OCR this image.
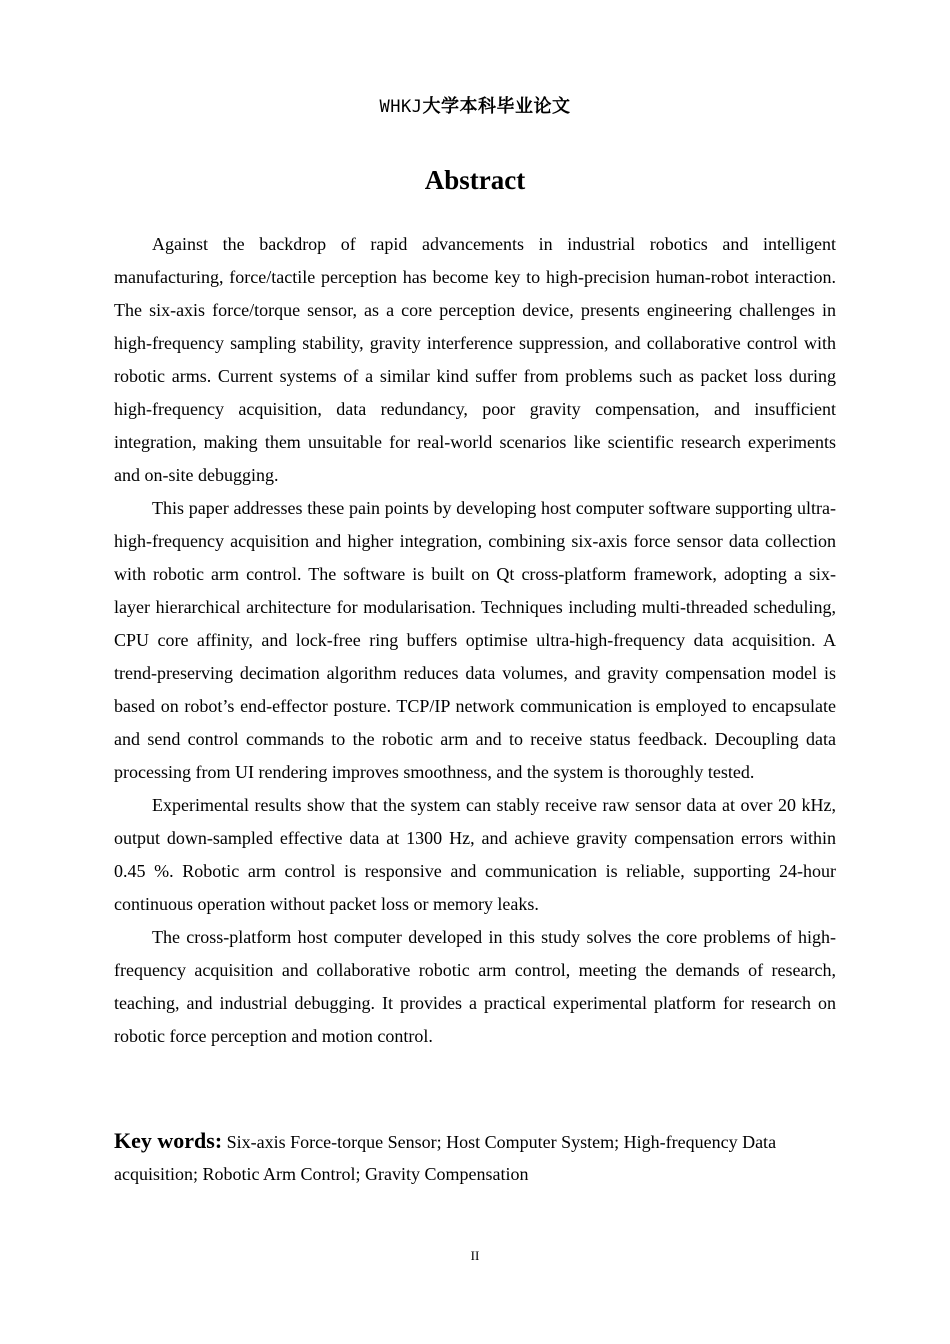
WHKJ大学本科毕业论文
Abstract

Against the backdrop of rapid advancements in industrial robotics and intelligent manufacturing, force/tactile perception has become key to high-precision human-robot interaction. The six-axis force/torque sensor, as a core perception device, presents engineering challenges in high-frequency sampling stability, gravity interference suppression, and collaborative control with robotic arms. Current systems of a similar kind suffer from problems such as packet loss during high-frequency acquisition, data redundancy, poor gravity compensation, and insufficient integration, making them unsuitable for real-world scenarios like scientific research experiments and on-site debugging.

This paper addresses these pain points by developing host computer software supporting ultra-high-frequency acquisition and higher integration, combining six-axis force sensor data collection with robotic arm control. The software is built on Qt cross-platform framework, adopting a six-layer hierarchical architecture for modularisation. Techniques including multi-threaded scheduling, CPU core affinity, and lock-free ring buffers optimise ultra-high-frequency data acquisition. A trend-preserving decimation algorithm reduces data volumes, and gravity compensation model is based on robot’s end-effector posture. TCP/IP network communication is employed to encapsulate and send control commands to the robotic arm and to receive status feedback. Decoupling data processing from UI rendering improves smoothness, and the system is thoroughly tested.

Experimental results show that the system can stably receive raw sensor data at over 20 kHz, output down-sampled effective data at 1300 Hz, and achieve gravity compensation errors within 0.45 %. Robotic arm control is responsive and communication is reliable, supporting 24-hour continuous operation without packet loss or memory leaks.

The cross-platform host computer developed in this study solves the core problems of high-frequency acquisition and collaborative robotic arm control, meeting the demands of research, teaching, and industrial debugging. It provides a practical experimental platform for research on robotic force perception and motion control.

Key words: Six-axis Force-torque Sensor; Host Computer System; High-frequency Data acquisition; Robotic Arm Control; Gravity Compensation
II
